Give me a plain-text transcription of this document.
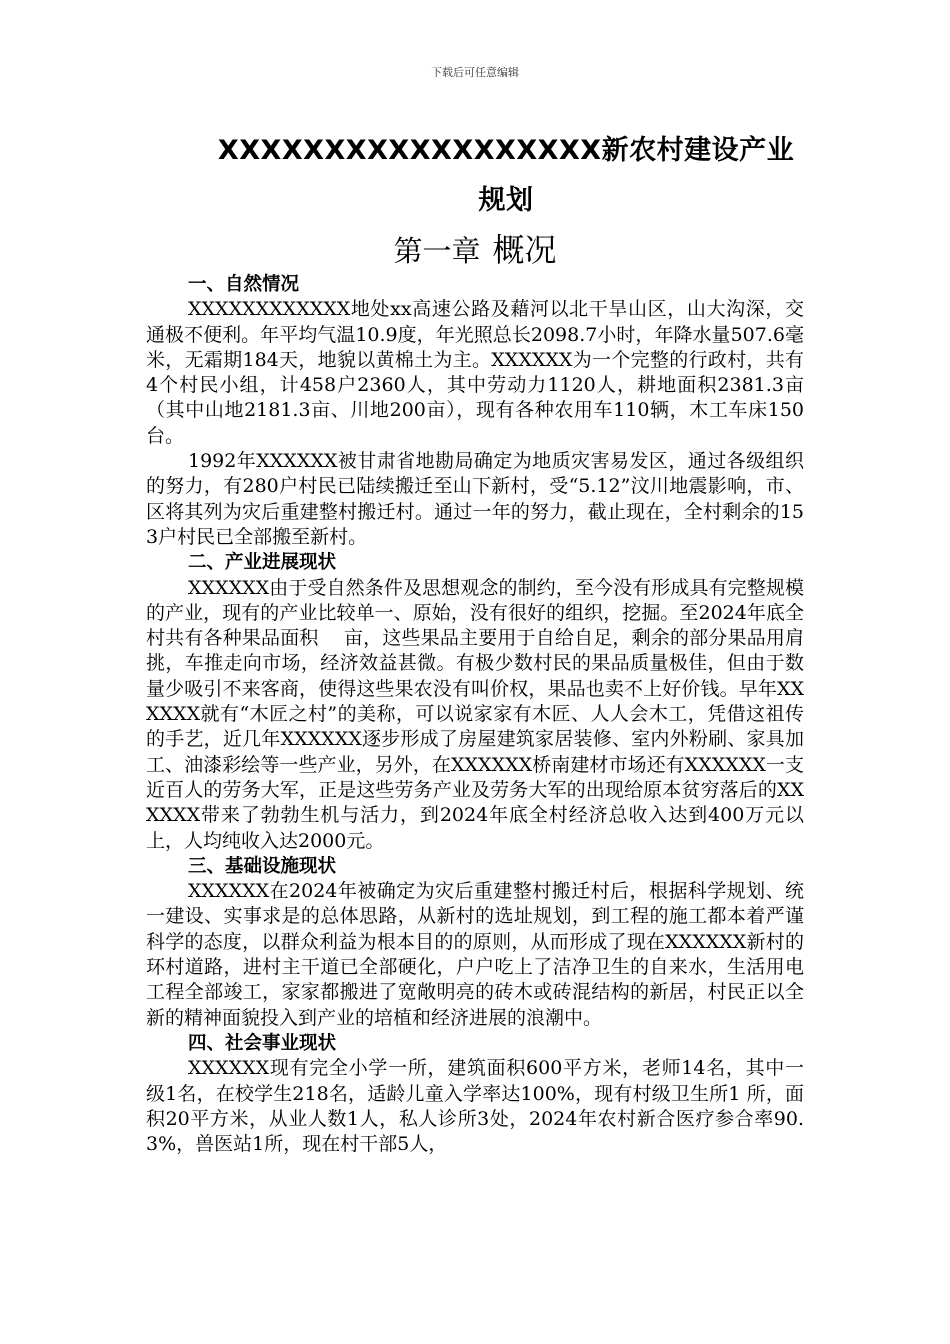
下载后可任意编辑
XXXXXXXXXXXXXXXXXX新农村建设产业
规划
第一章 概况

一、自然情况

XXXXXXXXXXXX地处xx高速公路及藉河以北干旱山区，山大沟深，交通极不便利。年平均气温10.9度，年光照总长2098.7小时，年降水量507.6毫米，无霜期184天，地貌以黄棉土为主。XXXXXX为一个完整的行政村，共有4个村民小组，计458户2360人，其中劳动力1120人，耕地面积2381.3亩（其中山地2181.3亩、川地200亩），现有各种农用车110辆，木工车床150台。

1992年XXXXXX被甘肃省地勘局确定为地质灾害易发区，通过各级组织的努力，有280户村民已陆续搬迁至山下新村，受“5.12”汶川地震影响，市、区将其列为灾后重建整村搬迁村。通过一年的努力，截止现在，全村剩余的153户村民已全部搬至新村。

二、产业进展现状

XXXXXX由于受自然条件及思想观念的制约，至今没有形成具有完整规模的产业，现有的产业比较单一、原始，没有很好的组织，挖掘。至2024年底全村共有各种果品面积　 亩，这些果品主要用于自给自足，剩余的部分果品用肩挑，车推走向市场，经济效益甚微。有极少数村民的果品质量极佳，但由于数量少吸引不来客商，使得这些果农没有叫价权，果品也卖不上好价钱。早年XXXXXX就有“木匠之村”的美称，可以说家家有木匠、人人会木工，凭借这祖传的手艺，近几年XXXXXX逐步形成了房屋建筑家居装修、室内外粉刷、家具加工、油漆彩绘等一些产业，另外，在XXXXXX桥南建材市场还有XXXXXX一支近百人的劳务大军，正是这些劳务产业及劳务大军的出现给原本贫穷落后的XXXXXX带来了勃勃生机与活力，到2024年底全村经济总收入达到400万元以上，人均纯收入达2000元。

三、基础设施现状

XXXXXX在2024年被确定为灾后重建整村搬迁村后，根据科学规划、统一建设、实事求是的总体思路，从新村的选址规划，到工程的施工都本着严谨科学的态度，以群众利益为根本目的的原则，从而形成了现在XXXXXX新村的环村道路，进村主干道已全部硬化，户户吃上了洁净卫生的自来水，生活用电工程全部竣工，家家都搬进了宽敞明亮的砖木或砖混结构的新居，村民正以全新的精神面貌投入到产业的培植和经济进展的浪潮中。

四、社会事业现状

XXXXXX现有完全小学一所，建筑面积600平方米，老师14名，其中一级1名，在校学生218名，适龄儿童入学率达100%，现有村级卫生所1 所，面积20平方米，从业人数1人，私人诊所3处，2024年农村新合医疗参合率90.3%，兽医站1所，现在村干部5人，
